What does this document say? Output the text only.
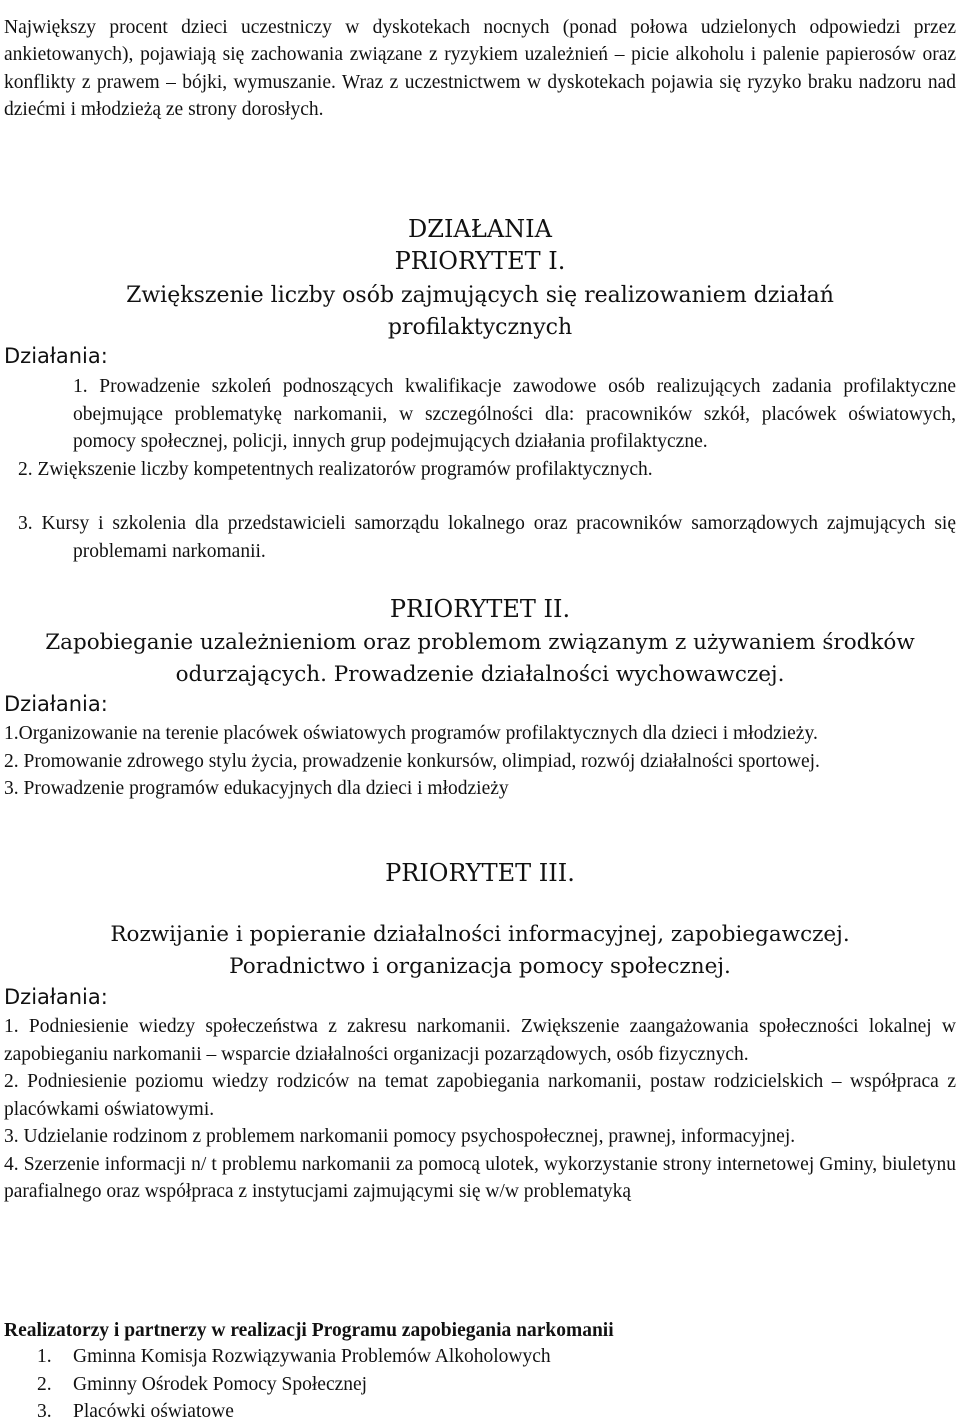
Największy procent dzieci uczestniczy w dyskotekach nocnych (ponad połowa udzielonych odpowiedzi przez ankietowanych), pojawiają się zachowania związane z ryzykiem uzależnień – picie alkoholu i palenie papierosów oraz konflikty z prawem – bójki, wymuszanie. Wraz z uczestnictwem w dyskotekach pojawia się ryzyko braku nadzoru nad dziećmi i młodzieżą ze strony dorosłych.

DZIAŁANIA
PRIORYTET I.
Zwiększenie liczby osób zajmujących się realizowaniem działań profilaktycznych
Działania:

1. Prowadzenie szkoleń podnoszących kwalifikacje zawodowe osób realizujących zadania profilaktyczne obejmujące problematykę narkomanii, w szczególności dla: pracowników szkół, placówek oświatowych, pomocy społecznej, policji, innych grup podejmujących działania profilaktyczne.

2. Zwiększenie liczby kompetentnych realizatorów programów profilaktycznych.

3. Kursy i szkolenia dla przedstawicieli samorządu lokalnego oraz pracowników samorządowych zajmujących się problemami narkomanii.

PRIORYTET II.
Zapobieganie uzależnieniom oraz problemom związanym z używaniem środków odurzających. Prowadzenie działalności wychowawczej.
Działania:

1.Organizowanie na terenie placówek oświatowych programów profilaktycznych dla dzieci i młodzieży.

2. Promowanie zdrowego stylu życia, prowadzenie konkursów, olimpiad, rozwój działalności sportowej.

3. Prowadzenie programów edukacyjnych dla dzieci i młodzieży

PRIORYTET III.
Rozwijanie i popieranie działalności informacyjnej, zapobiegawczej. Poradnictwo i organizacja pomocy społecznej.
Działania:

1. Podniesienie wiedzy społeczeństwa z zakresu narkomanii. Zwiększenie zaangażowania społeczności lokalnej w zapobieganiu narkomanii – wsparcie działalności organizacji pozarządowych, osób fizycznych.

2. Podniesienie poziomu wiedzy rodziców na temat zapobiegania narkomanii, postaw rodzicielskich – współpraca z placówkami oświatowymi.

3. Udzielanie rodzinom z problemem narkomanii pomocy psychospołecznej, prawnej, informacyjnej.

4. Szerzenie informacji n/ t problemu narkomanii za pomocą ulotek, wykorzystanie strony internetowej Gminy, biuletynu parafialnego oraz współpraca z instytucjami zajmującymi się w/w problematyką

Realizatorzy i partnerzy w realizacji Programu zapobiegania narkomanii
1. Gminna Komisja Rozwiązywania Problemów Alkoholowych
2. Gminny Ośrodek Pomocy Społecznej
3. Placówki oświatowe
